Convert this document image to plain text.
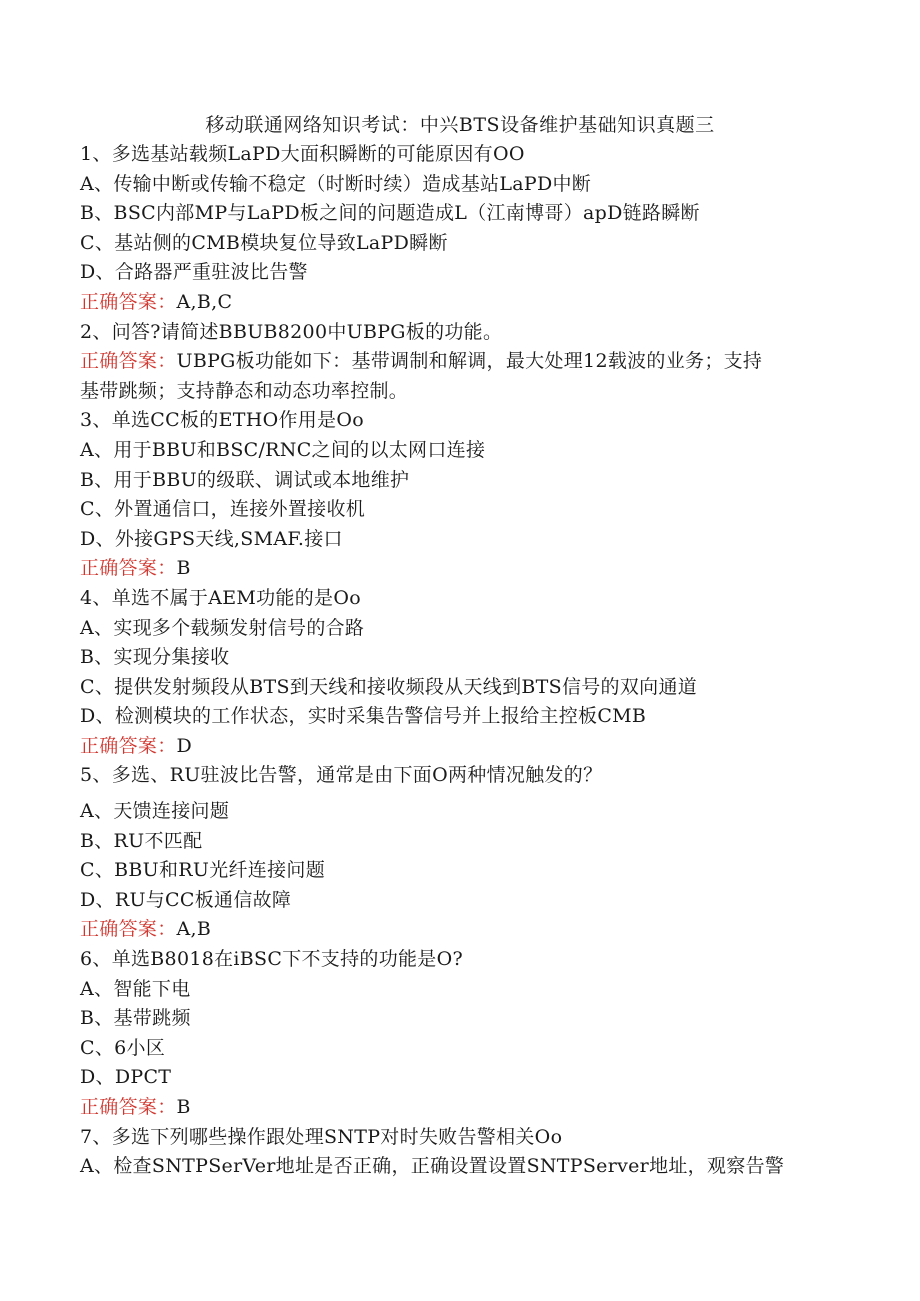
移动联通网络知识考试：中兴BTS设备维护基础知识真题三
1、多选基站载频LaPD大面积瞬断的可能原因有OO
A、传输中断或传输不稳定（时断时续）造成基站LaPD中断
B、BSC内部MP与LaPD板之间的问题造成L（江南博哥）apD链路瞬断
C、基站侧的CMB模块复位导致LaPD瞬断
D、合路器严重驻波比告警
正确答案：A,B,C
2、问答?请简述BBUB8200中UBPG板的功能。
正确答案：UBPG板功能如下：基带调制和解调，最大处理12载波的业务；支持
基带跳频；支持静态和动态功率控制。
3、单选CC板的ETHO作用是Oo
A、用于BBU和BSC/RNC之间的以太网口连接
B、用于BBU的级联、调试或本地维护
C、外置通信口，连接外置接收机
D、外接GPS天线,SMAF.接口
正确答案：B
4、单选不属于AEM功能的是Oo
A、实现多个载频发射信号的合路
B、实现分集接收
C、提供发射频段从BTS到天线和接收频段从天线到BTS信号的双向通道
D、检测模块的工作状态，实时采集告警信号并上报给主控板CMB
正确答案：D
5、多选、RU驻波比告警，通常是由下面O两种情况触发的？
A、天馈连接问题
B、RU不匹配
C、BBU和RU光纤连接问题
D、RU与CC板通信故障
正确答案：A,B
6、单选B8018在iBSC下不支持的功能是O?
A、智能下电
B、基带跳频
C、6小区
D、DPCT
正确答案：B
7、多选下列哪些操作跟处理SNTP对时失败告警相关Oo
A、检查SNTPSerVer地址是否正确，正确设置设置SNTPServer地址，观察告警
